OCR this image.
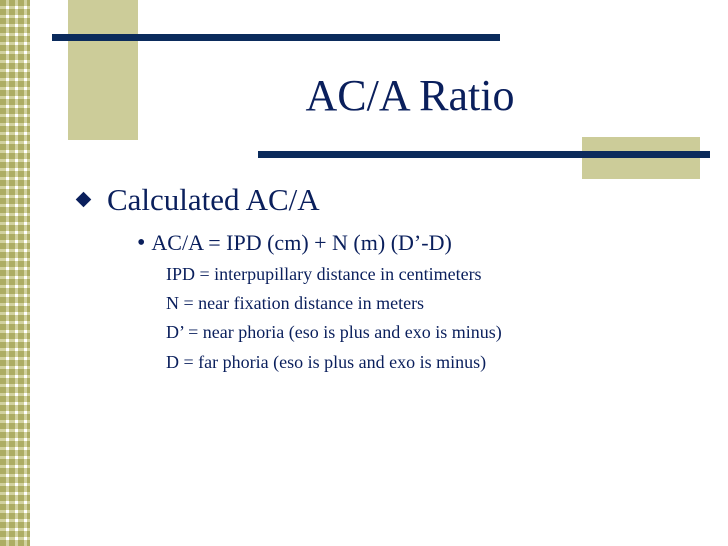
AC/A Ratio
Calculated AC/A
• AC/A = IPD (cm) + N (m) (D’-D)
IPD = interpupillary distance in centimeters
N = near fixation distance in meters
D’ = near phoria (eso is plus and exo is minus)
D = far phoria (eso is plus and exo is minus)
